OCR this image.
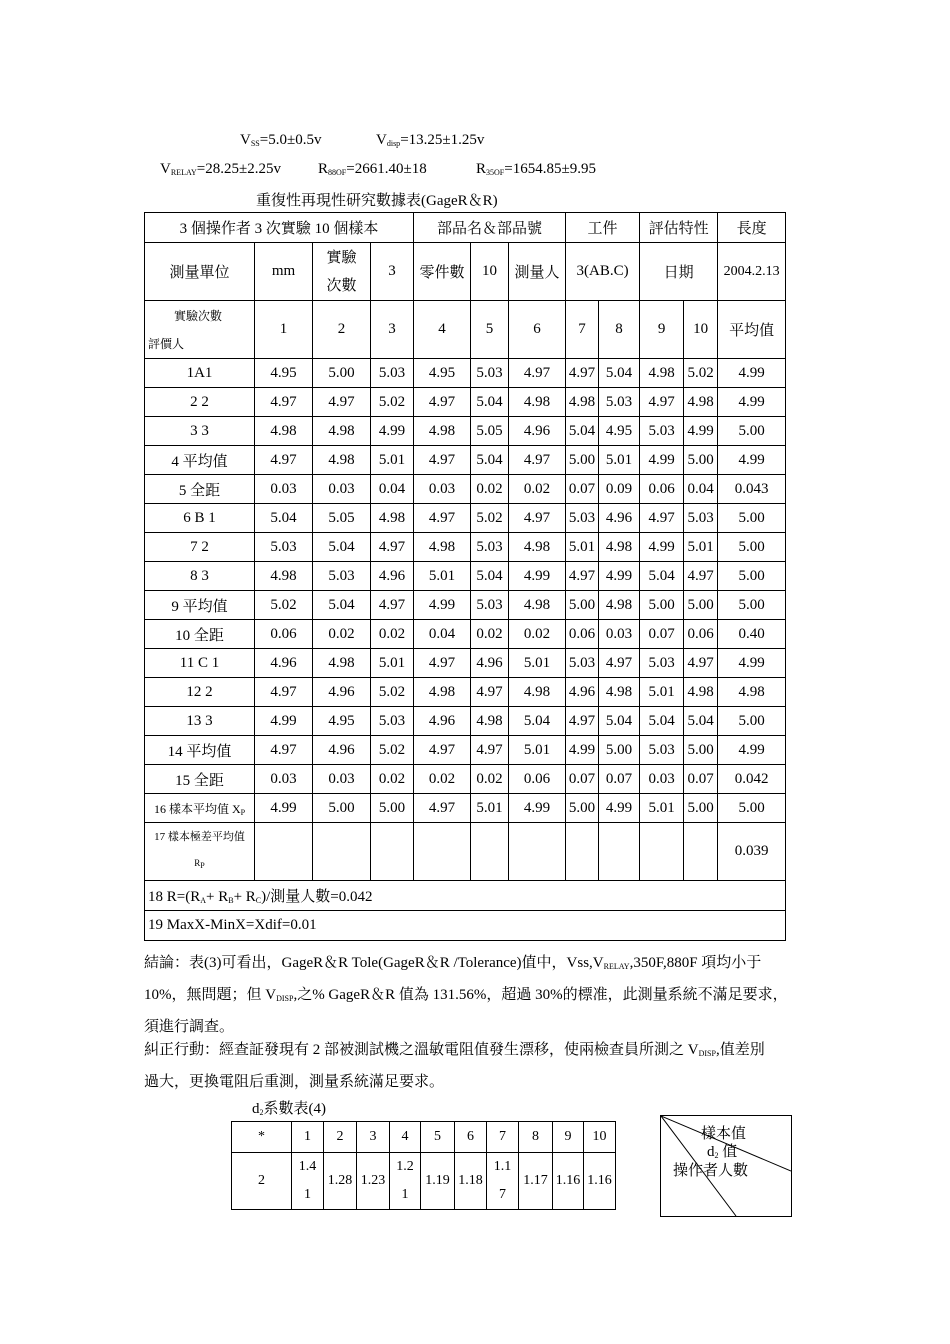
$V_{SS}=5.0\pm 0.5v$	$V_{disp}=13.25\pm 1.25v$
$V_{RELAY}=28.25\pm 2.25v$ $R_{88OF}=2661.40\pm 18$	$R_{35OF}=1654.85\pm 9.95$
重復性再現性研究數據表(GageR＆R)
3 個操作者 3 次實驗 10 個樣本				部品名＆部品號			工件		評估特性		長度
測量單位	mm	實驗次數	3	零件數	10	測量人	3(AB.C)		日期		2004.2.13

實驗次數
評價人	1	2	3	4	5	6	7	8	9	10	平均值
1A1	4.95	5.00	5.03	4.95	5.03	4.97	4.97	5.04	4.98	5.02	4.99
2 2	4.97	4.97	5.02	4.97	5.04	4.98	4.98	5.03	4.97	4.98	4.99
3 3	4.98	4.98	4.99	4.98	5.05	4.96	5.04	4.95	5.03	4.99	5.00
4 平均值	4.97	4.98	5.01	4.97	5.04	4.97	5.00	5.01	4.99	5.00	4.99
5 全距	0.03	0.03	0.04	0.03	0.02	0.02	0.07	0.09	0.06	0.04	0.043
6 B 1	5.04	5.05	4.98	4.97	5.02	4.97	5.03	4.96	4.97	5.03	5.00
7 2	5.03	5.04	4.97	4.98	5.03	4.98	5.01	4.98	4.99	5.01	5.00
8 3	4.98	5.03	4.96	5.01	5.04	4.99	4.97	4.99	5.04	4.97	5.00
9 平均值	5.02	5.04	4.97	4.99	5.03	4.98	5.00	4.98	5.00	5.00	5.00
10 全距	0.06	0.02	0.02	0.04	0.02	0.02	0.06	0.03	0.07	0.06	0.40
11 C 1	4.96	4.98	5.01	4.97	4.96	5.01	5.03	4.97	5.03	4.97	4.99
12 2	4.97	4.96	5.02	4.98	4.97	4.98	4.96	4.98	5.01	4.98	4.98
13 3	4.99	4.95	5.03	4.96	4.98	5.04	4.97	5.04	5.04	5.04	5.00
14 平均值	4.97	4.96	5.02	4.97	4.97	5.01	4.99	5.00	5.03	5.00	4.99
15 全距	0.03	0.03	0.02	0.02	0.02	0.06	0.07	0.07	0.03	0.07	0.042
16 樣本平均值 $X_P$	4.99	5.00	5.00	4.97	5.01	4.99	5.00	4.99	5.01	5.00	5.00

17 樣本極差平均值
$R_P$											0.039
18 $R=(R_A+ R_B+ R_C)/$測量人數=0.042											
19 MaxX-MinX=Xdif=0.01											
結論：表(3)可看出，GageR＆R Tole(GageR＆R /Tolerance)值中，$Vss,V_{RELAY},350F,880F$ 項均小于
10%，無問題；但 $V_{DISP}$,之% GageR＆R 值為 131.56%，超過 30%的標准，此測量系統不滿足要求，
須進行調查。
糾正行動：經查証發現有 2 部被測試機之溫敏電阻值發生漂移，使兩檢查員所測之 $V_{DISP}$,值差別
過大，更換電阻后重測，測量系統滿足要求。
$d_2$系數表(4)
*	1	2	3	4	5	6	7	8	9	10
2	1.41	1.28	1.23	1.21	1.19	1.18	1.17	1.17	1.16	1.16
樣本值
$d_2$ 值
操作者人數
